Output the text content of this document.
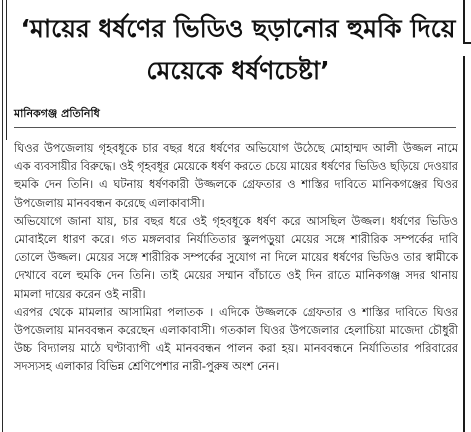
‘মায়ের ধর্ষণের ভিডিও ছড়ানোর হুমকি দিয়ে মেয়েকে ধর্ষণচেষ্টা’
মানিকগঞ্জ প্রতিনিধি

ঘিওর উপজেলায় গৃহবধূকে চার বছর ধরে ধর্ষণের অভিযোগ উঠেছে মোহাম্মদ আলী উজ্জল নামে এক ব্যবসায়ীর বিরুদ্ধে। ওই গৃহবধূর মেয়েকে ধর্ষণ করতে চেয়ে মায়ের ধর্ষণের ভিডিও ছড়িয়ে দেওয়ার হুমকি দেন তিনি। এ ঘটনায় ধর্ষণকারী উজ্জলকে গ্রেফতার ও শাস্তির দাবিতে মানিকগঞ্জের ঘিওর উপজেলায় মানববন্ধন করেছে এলাকাবাসী।

অভিযোগে জানা যায়, চার বছর ধরে ওই গৃহবধূকে ধর্ষণ করে আসছিল উজ্জল। ধর্ষণের ভিডিও মোবাইলে ধারণ করে। গত মঙ্গলবার নির্যাতিতার স্কুলপড়ুয়া মেয়ের সঙ্গে শারীরিক সম্পর্কের দাবি তোলে উজ্জল। মেয়ের সঙ্গে শারীরিক সম্পর্কের সুযোগ না দিলে মায়ের ধর্ষণের ভিডিও তার স্বামীকে দেখাবে বলে হুমকি দেন তিনি। তাই মেয়ের সম্মান বাঁচাতে ওই দিন রাতে মানিকগঞ্জ সদর থানায় মামলা দায়ের করেন ওই নারী।

এরপর থেকে মামলার আসামিরা পলাতক । এদিকে উজ্জলকে গ্রেফতার ও শাস্তির দাবিতে ঘিওর উপজেলায় মানববন্ধন করেছেন এলাকাবাসী। গতকাল ঘিওর উপজেলার হেলাচিয়া মাজেদা চৌধুরী উচ্চ বিদ্যালয় মাঠে ঘণ্টাব্যাপী এই মানববন্ধন পালন করা হয়। মানববন্ধনে নির্যাতিতার পরিবারের সদস্যসহ এলাকার বিভিন্ন শ্রেণিপেশার নারী-পুরুষ অংশ নেন।
